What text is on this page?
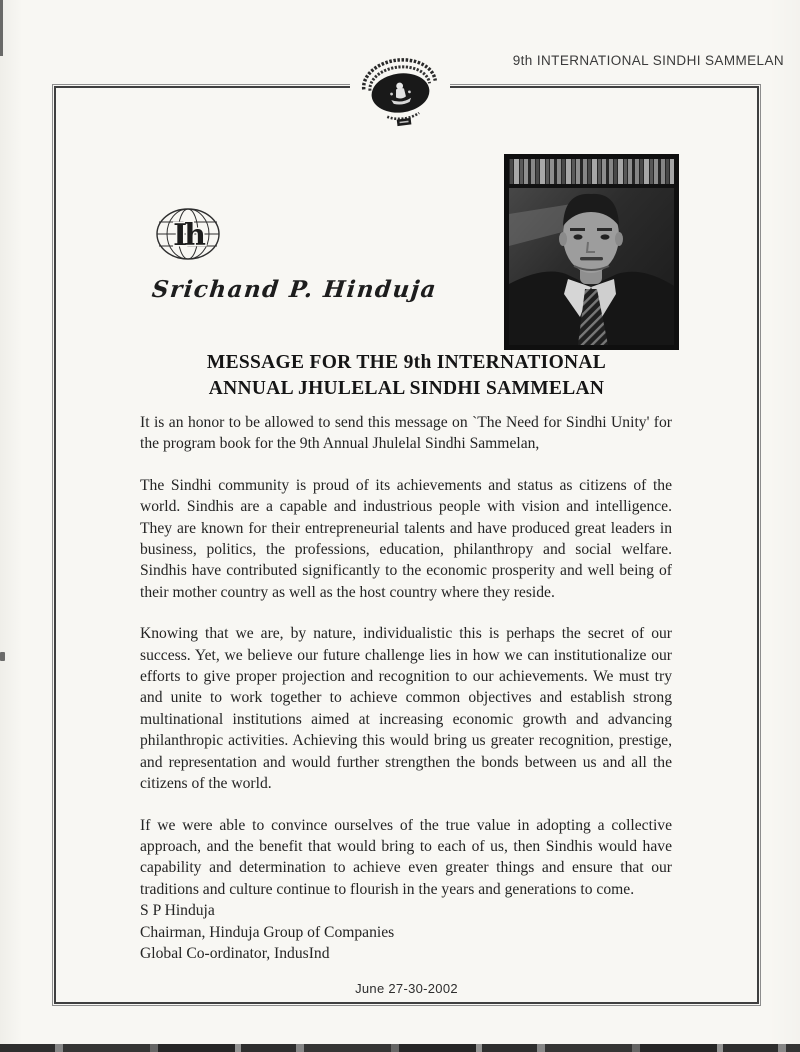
9th INTERNATIONAL SINDHI SAMMELAN
Ih
Srichand P. Hinduja
MESSAGE FOR THE 9th INTERNATIONAL
ANNUAL JHULELAL SINDHI SAMMELAN

It is an honor to be allowed to send this message on `The Need for Sindhi Unity' for the program book for the 9th Annual Jhulelal Sindhi Sammelan,

The Sindhi community is proud of its achievements and status as citizens of the world. Sindhis are a capable and industrious people with vision and intelligence. They are known for their entrepreneurial talents and have produced great leaders in business, politics, the professions, education, philanthropy and social welfare. Sindhis have contributed significantly to the economic prosperity and well being of their mother country as well as the host country where they reside.

Knowing that we are, by nature, individualistic this is perhaps the secret of our success. Yet, we believe our future challenge lies in how we can institutionalize our efforts to give proper projection and recognition to our achievements. We must try and unite to work together to achieve common objectives and establish strong multinational institutions aimed at increasing economic growth and advancing philanthropic activities. Achieving this would bring us greater recognition, prestige, and representation and would further strengthen the bonds between us and all the citizens of the world.

If we were able to convince ourselves of the true value in adopting a collective approach, and the benefit that would bring to each of us, then Sindhis would have capability and determination to achieve even greater things and ensure that our traditions and culture continue to flourish in the years and generations to come.

S P Hinduja
Chairman, Hinduja Group of Companies
Global Co-ordinator, IndusInd
June 27-30-2002
